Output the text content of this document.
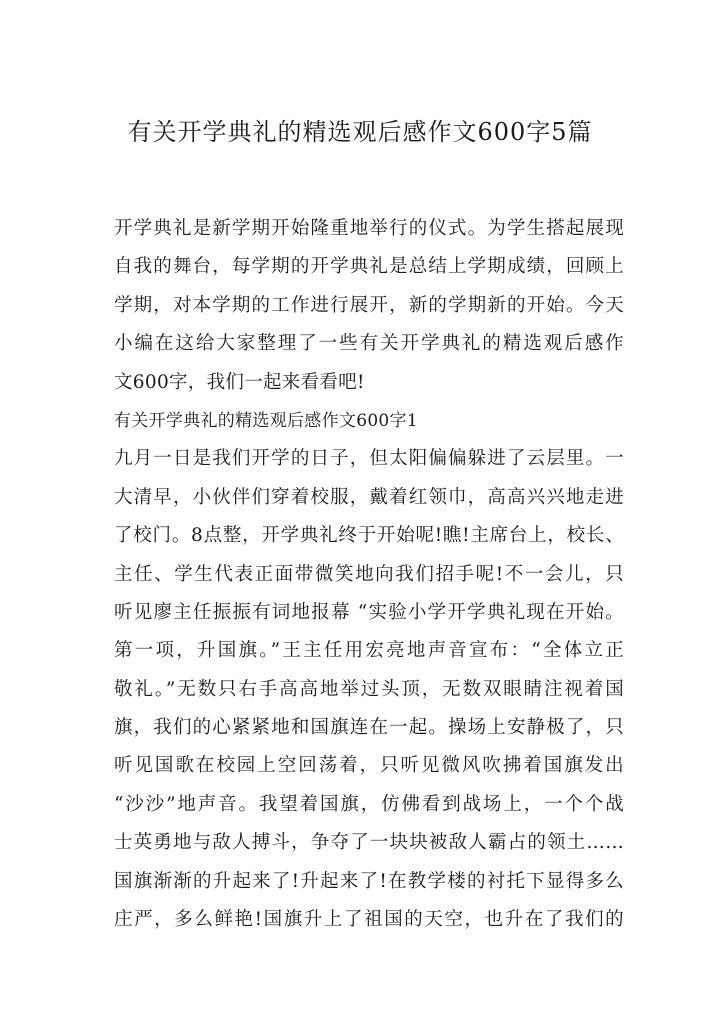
有关开学典礼的精选观后感作文600字5篇
开学典礼是新学期开始隆重地举行的仪式。为学生搭起展现
自我的舞台，每学期的开学典礼是总结上学期成绩，回顾上
学期，对本学期的工作进行展开，新的学期新的开始。今天
小编在这给大家整理了一些有关开学典礼的精选观后感作
文600字，我们一起来看看吧!
有关开学典礼的精选观后感作文600字1
九月一日是我们开学的日子，但太阳偏偏躲进了云层里。一
大清早，小伙伴们穿着校服，戴着红领巾，高高兴兴地走进
了校门。8点整，开学典礼终于开始呢!瞧!主席台上，校长、
主任、学生代表正面带微笑地向我们招手呢!不一会儿，只
听见廖主任振振有词地报幕 “实验小学开学典礼现在开始。
第一项，升国旗。”王主任用宏亮地声音宣布：“全体立正
敬礼。”无数只右手高高地举过头顶，无数双眼睛注视着国
旗，我们的心紧紧地和国旗连在一起。操场上安静极了，只
听见国歌在校园上空回荡着，只听见微风吹拂着国旗发出
“沙沙”地声音。我望着国旗，仿佛看到战场上，一个个战
士英勇地与敌人搏斗，争夺了一块块被敌人霸占的领土……
国旗渐渐的升起来了!升起来了!在教学楼的衬托下显得多么
庄严，多么鲜艳!国旗升上了祖国的天空，也升在了我们的
